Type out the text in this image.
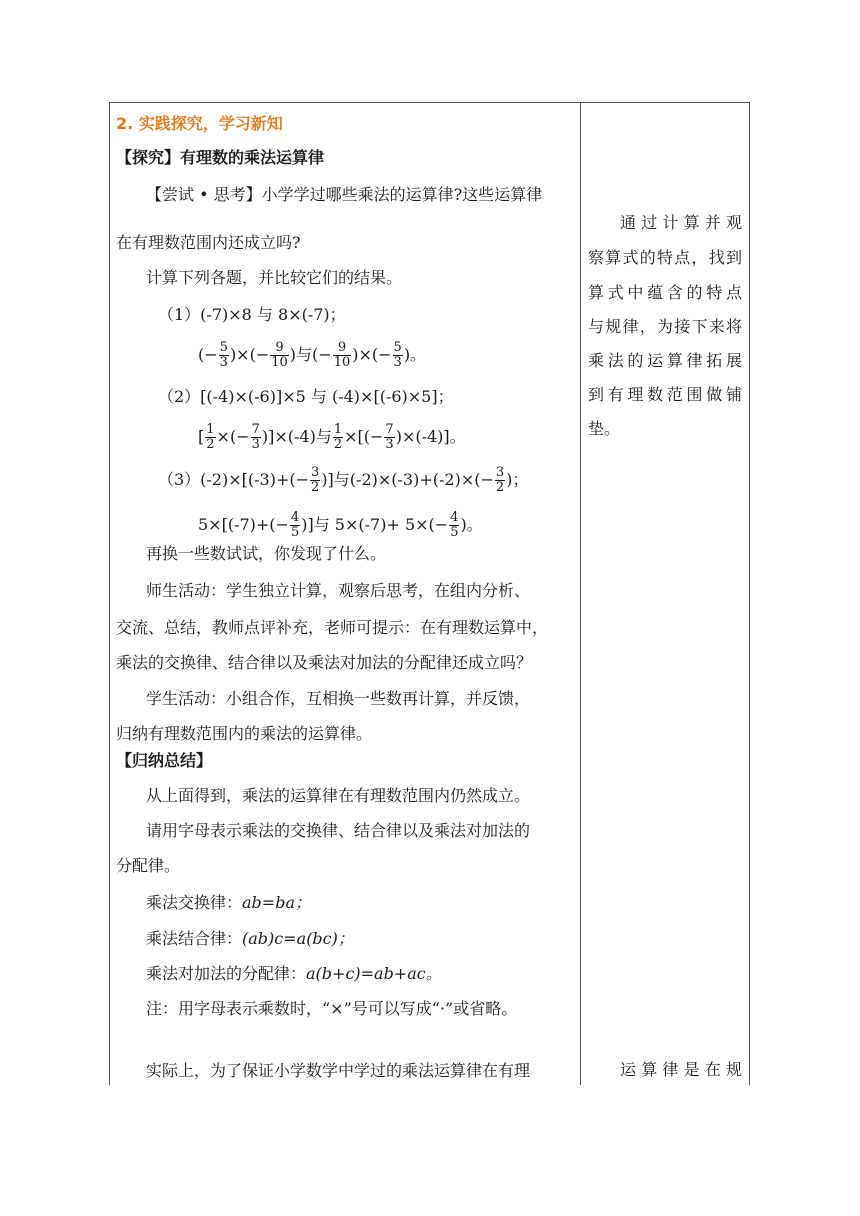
2. 实践探究，学习新知
【探究】有理数的乘法运算律
【尝试 • 思考】小学学过哪些乘法的运算律?这些运算律
在有理数范围内还成立吗?
计算下列各题，并比较它们的结果。
（1）(-7)×8 与 8×(-7)；
(− $\frac{5}{3}$ )×(− $\frac{9}{10}$ )与(− $\frac{9}{10}$ )×(− $\frac{5}{3}$ )。
（2）[(-4)×(-6)]×5 与 (-4)×[(-6)×5]；
[ $\frac{1}{2}$ ×(− $\frac{7}{3} )]\times(-4)$与 $\frac{1}{2}$ ×[(− $\frac{7}{3} )\times(-4)$]。
$(3)(-2)\times[(-3)+(- \frac{3}{2}$ )]与$(-2)\times(-3)+(-2)\times(- \frac{3}{2}$ )；
$5\times[(-7)+(- \frac{4}{5}$ )]与 $5\times(-7)+ 5\times(- \frac{4}{5}$ )。
再换一些数试试，你发现了什么。
师生活动：学生独立计算，观察后思考，在组内分析、
交流、总结，教师点评补充，老师可提示：在有理数运算中，
乘法的交换律、结合律以及乘法对加法的分配律还成立吗？
学生活动：小组合作，互相换一些数再计算，并反馈，
归纳有理数范围内的乘法的运算律。
【归纳总结】
从上面得到，乘法的运算律在有理数范围内仍然成立。
请用字母表示乘法的交换律、结合律以及乘法对加法的
分配律。
乘法交换律：ab=ba；
乘法结合律：(ab)c=a(bc)；
乘法对加法的分配律：a(b+c)=ab+ac。
注：用字母表示乘数时，“×”号可以写成“·”或省略。
实际上，为了保证小学数学中学过的乘法运算律在有理
通过计算并观
察算式的特点，找到
算式中蕴含的特点
与规律，为接下来将
乘法的运算律拓展
到有理数范围做铺
垫。
运算律是在规
